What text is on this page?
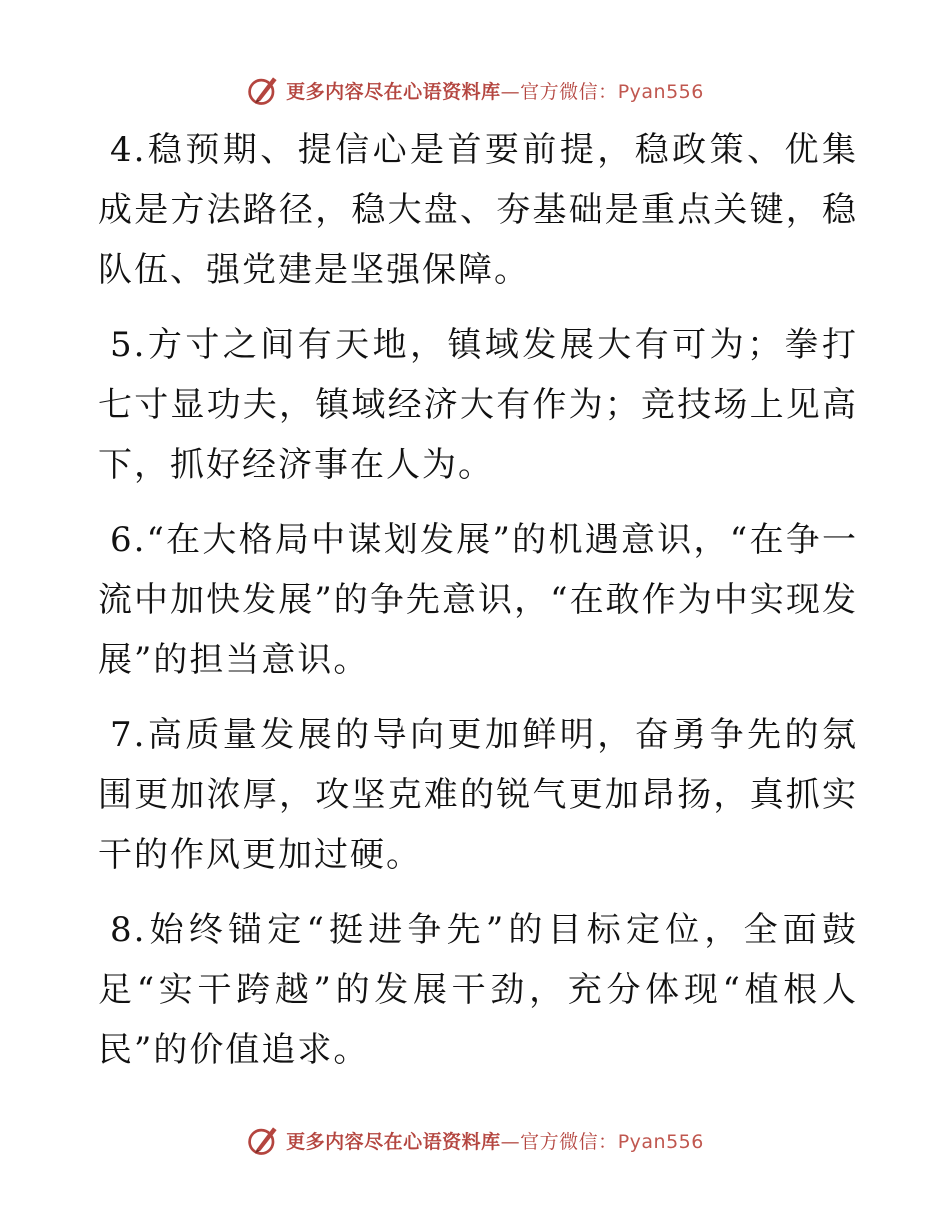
更多内容尽在心语资料库—官方微信：Pyan556

4.稳预期、提信心是首要前提，稳政策、优集成是方法路径，稳大盘、夯基础是重点关键，稳队伍、强党建是坚强保障。

5.方寸之间有天地，镇域发展大有可为；拳打七寸显功夫，镇域经济大有作为；竞技场上见高下，抓好经济事在人为。

6.“在大格局中谋划发展”的机遇意识，“在争一流中加快发展”的争先意识，“在敢作为中实现发展”的担当意识。

7.高质量发展的导向更加鲜明，奋勇争先的氛围更加浓厚，攻坚克难的锐气更加昂扬，真抓实干的作风更加过硬。

8.始终锚定“挺进争先”的目标定位，全面鼓足“实干跨越”的发展干劲，充分体现“植根人民”的价值追求。

更多内容尽在心语资料库—官方微信：Pyan556
